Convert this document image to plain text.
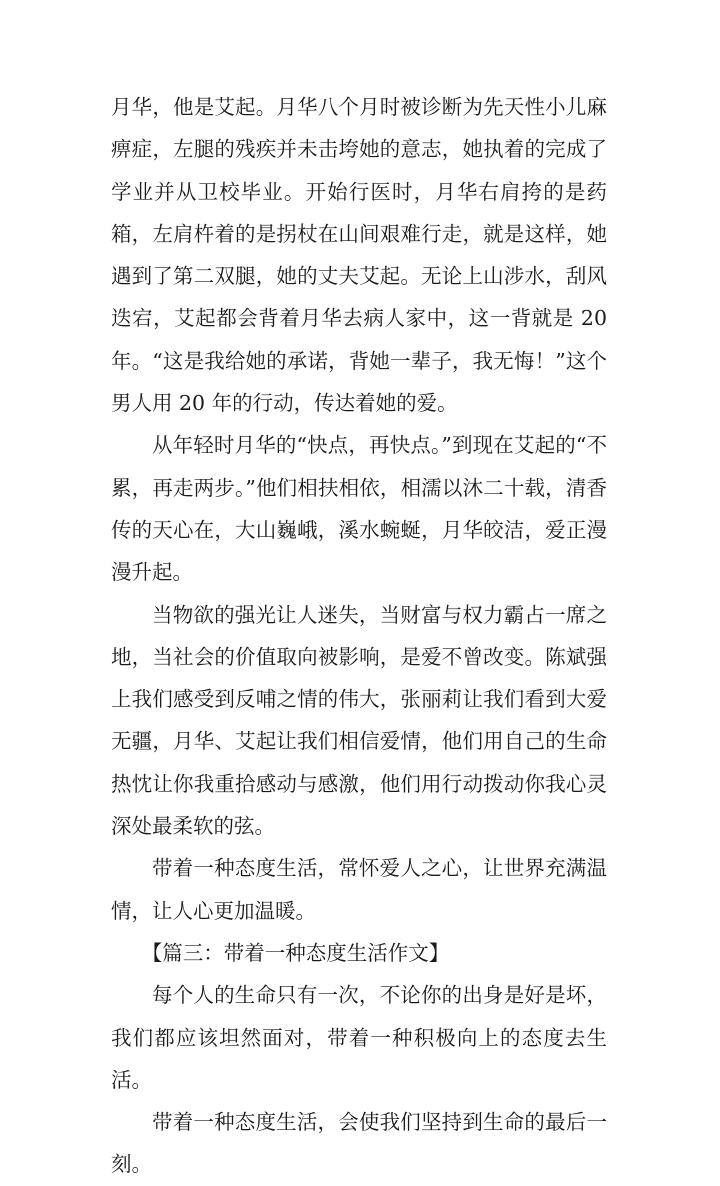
月华，他是艾起。月华八个月时被诊断为先天性小儿麻痹症，左腿的残疾并未击垮她的意志，她执着的完成了学业并从卫校毕业。开始行医时，月华右肩挎的是药箱，左肩杵着的是拐杖在山间艰难行走，就是这样，她遇到了第二双腿，她的丈夫艾起。无论上山涉水，刮风迭宕，艾起都会背着月华去病人家中，这一背就是 20 年。“这是我给她的承诺，背她一辈子，我无悔！”这个男人用 20 年的行动，传达着她的爱。

从年轻时月华的“快点，再快点。”到现在艾起的“不累，再走两步。”他们相扶相依，相濡以沐二十载，清香传的天心在，大山巍峨，溪水蜿蜒，月华皎洁，爱正漫漫升起。

当物欲的强光让人迷失，当财富与权力霸占一席之地，当社会的价值取向被影响，是爱不曾改变。陈斌强上我们感受到反哺之情的伟大，张丽莉让我们看到大爱无疆，月华、艾起让我们相信爱情，他们用自己的生命热忱让你我重拾感动与感激，他们用行动拨动你我心灵深处最柔软的弦。

带着一种态度生活，常怀爱人之心，让世界充满温情，让人心更加温暖。

【篇三：带着一种态度生活作文】

每个人的生命只有一次，不论你的出身是好是坏，我们都应该坦然面对，带着一种积极向上的态度去生活。

带着一种态度生活，会使我们坚持到生命的最后一刻。
